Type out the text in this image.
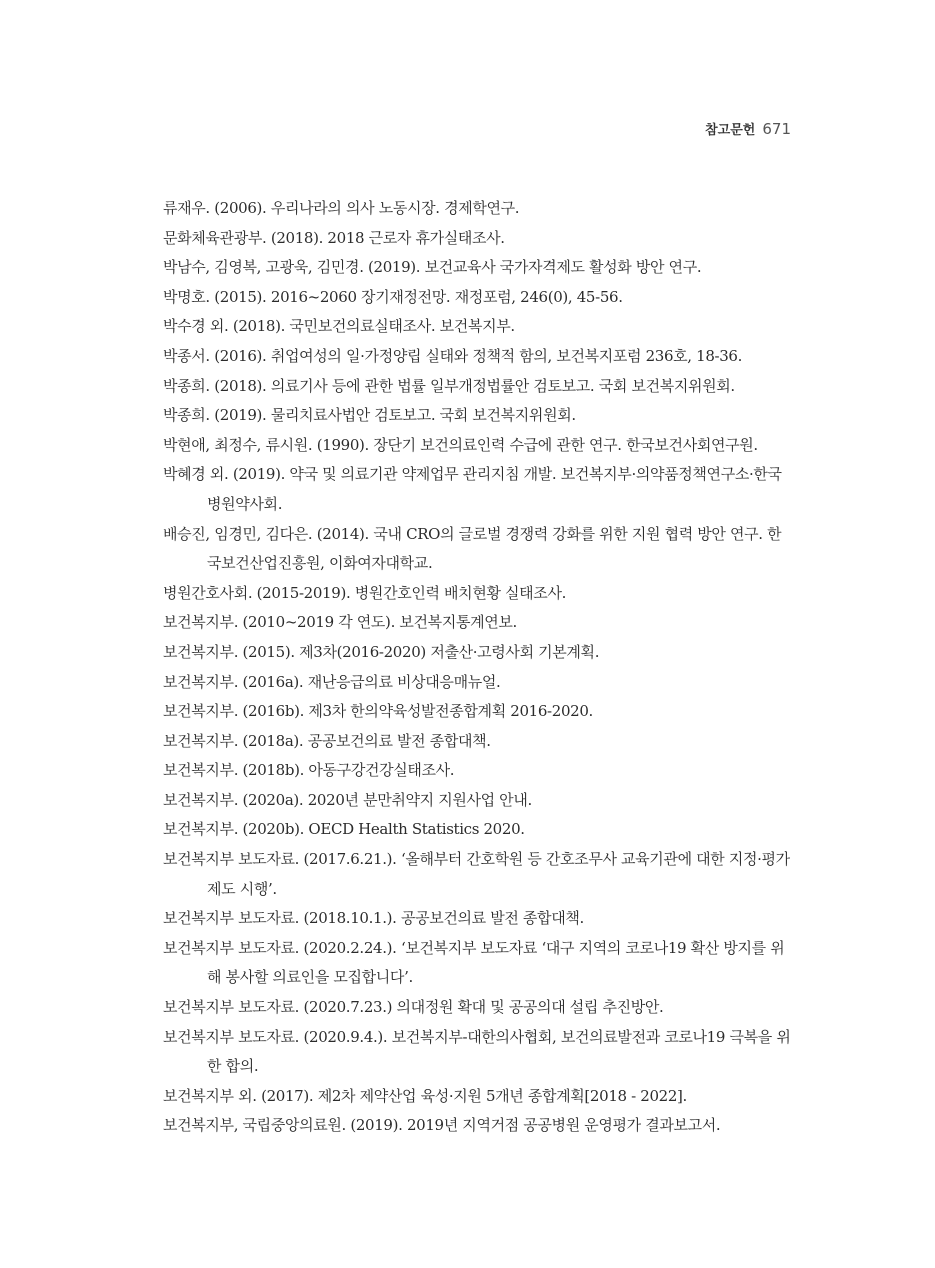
참고문헌 671
류재우. (2006). 우리나라의 의사 노동시장. 경제학연구.
문화체육관광부. (2018). 2018 근로자 휴가실태조사.
박남수, 김영복, 고광욱, 김민경. (2019). 보건교육사 국가자격제도 활성화 방안 연구.
박명호. (2015). 2016~2060 장기재정전망. 재정포럼, 246(0), 45-56.
박수경 외. (2018). 국민보건의료실태조사. 보건복지부.
박종서. (2016). 취업여성의 일·가정양립 실태와 정책적 함의, 보건복지포럼 236호, 18-36.
박종희. (2018). 의료기사 등에 관한 법률 일부개정법률안 검토보고. 국회 보건복지위원회.
박종희. (2019). 물리치료사법안 검토보고. 국회 보건복지위원회.
박현애, 최정수, 류시원. (1990). 장단기 보건의료인력 수급에 관한 연구. 한국보건사회연구원.
박혜경 외. (2019). 약국 및 의료기관 약제업무 관리지침 개발. 보건복지부·의약품정책연구소·한국병원약사회.
배승진, 임경민, 김다은. (2014). 국내 CRO의 글로벌 경쟁력 강화를 위한 지원 협력 방안 연구. 한국보건산업진흥원, 이화여자대학교.
병원간호사회. (2015-2019). 병원간호인력 배치현황 실태조사.
보건복지부. (2010~2019 각 연도). 보건복지통계연보.
보건복지부. (2015). 제3차(2016-2020) 저출산·고령사회 기본계획.
보건복지부. (2016a). 재난응급의료 비상대응매뉴얼.
보건복지부. (2016b). 제3차 한의약육성발전종합계획 2016-2020.
보건복지부. (2018a). 공공보건의료 발전 종합대책.
보건복지부. (2018b). 아동구강건강실태조사.
보건복지부. (2020a). 2020년 분만취약지 지원사업 안내.
보건복지부. (2020b). OECD Health Statistics 2020.
보건복지부 보도자료. (2017.6.21.). ‘올해부터 간호학원 등 간호조무사 교육기관에 대한 지정·평가제도 시행’.
보건복지부 보도자료. (2018.10.1.). 공공보건의료 발전 종합대책.
보건복지부 보도자료. (2020.2.24.). ‘보건복지부 보도자료 ‘대구 지역의 코로나19 확산 방지를 위해 봉사할 의료인을 모집합니다’.
보건복지부 보도자료. (2020.7.23.) 의대정원 확대 및 공공의대 설립 추진방안.
보건복지부 보도자료. (2020.9.4.). 보건복지부-대한의사협회, 보건의료발전과 코로나19 극복을 위한 합의.
보건복지부 외. (2017). 제2차 제약산업 육성·지원 5개년 종합계획[2018 - 2022].
보건복지부, 국립중앙의료원. (2019). 2019년 지역거점 공공병원 운영평가 결과보고서.
